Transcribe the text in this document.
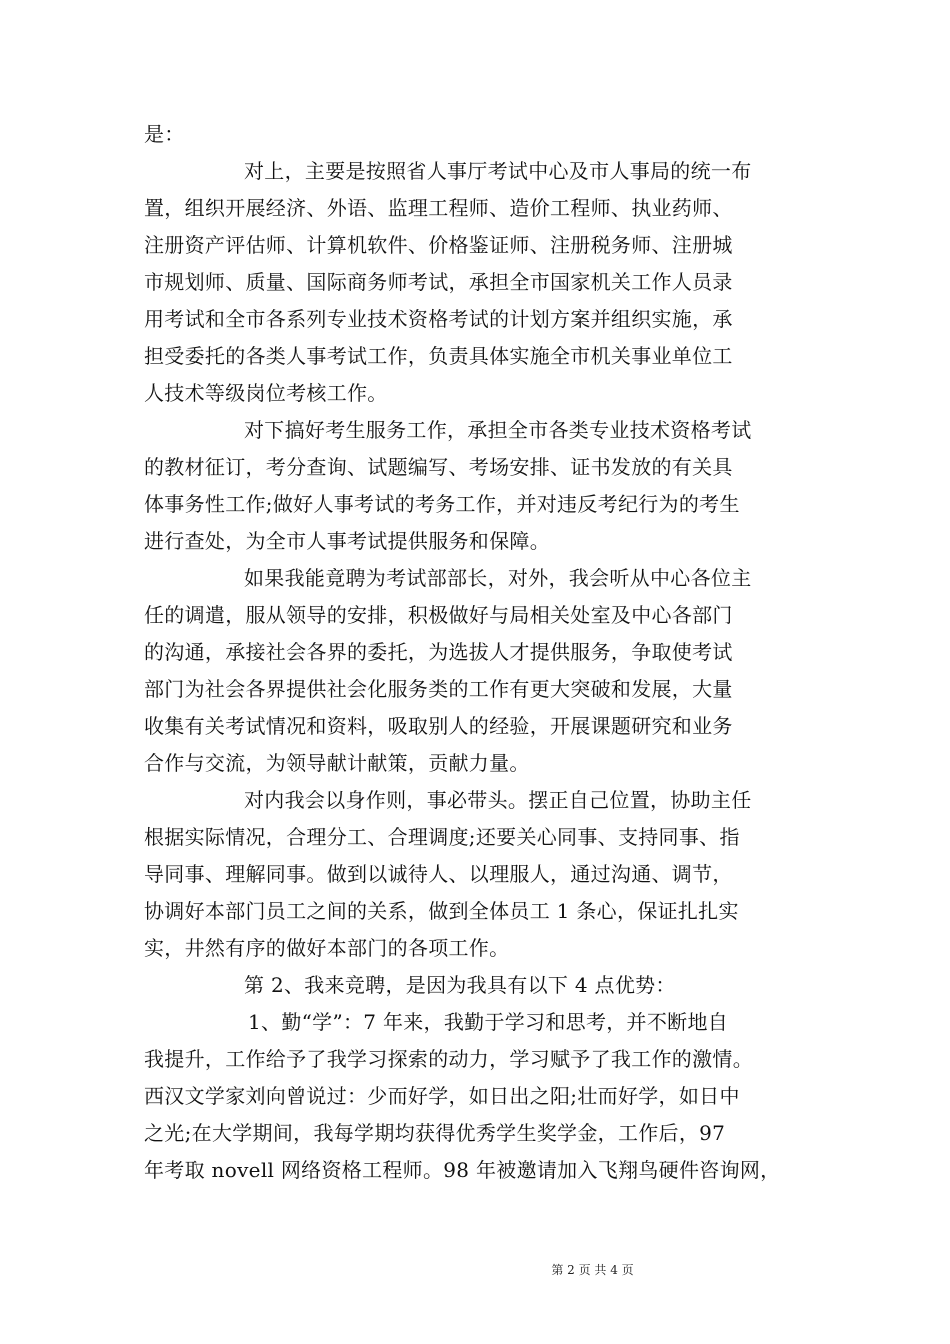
是：
对上，主要是按照省人事厅考试中心及市人事局的统一布
置，组织开展经济、外语、监理工程师、造价工程师、执业药师、
注册资产评估师、计算机软件、价格鉴证师、注册税务师、注册城
市规划师、质量、国际商务师考试，承担全市国家机关工作人员录
用考试和全市各系列专业技术资格考试的计划方案并组织实施，承
担受委托的各类人事考试工作，负责具体实施全市机关事业单位工
人技术等级岗位考核工作。
对下搞好考生服务工作，承担全市各类专业技术资格考试
的教材征订，考分查询、试题编写、考场安排、证书发放的有关具
体事务性工作;做好人事考试的考务工作，并对违反考纪行为的考生
进行查处，为全市人事考试提供服务和保障。
如果我能竟聘为考试部部长，对外，我会听从中心各位主
任的调遣，服从领导的安排，积极做好与局相关处室及中心各部门
的沟通，承接社会各界的委托，为选拔人才提供服务，争取使考试
部门为社会各界提供社会化服务类的工作有更大突破和发展，大量
收集有关考试情况和资料，吸取别人的经验，开展课题研究和业务
合作与交流，为领导献计献策，贡献力量。
对内我会以身作则，事必带头。摆正自己位置，协助主任
根据实际情况，合理分工、合理调度;还要关心同事、支持同事、指
导同事、理解同事。做到以诚待人、以理服人，通过沟通、调节，
协调好本部门员工之间的关系，做到全体员工 1 条心，保证扎扎实
实，井然有序的做好本部门的各项工作。
第 2、我来竞聘，是因为我具有以下 4 点优势：
1、勤“学”：7 年来，我勤于学习和思考，并不断地自
我提升，工作给予了我学习探索的动力，学习赋予了我工作的激情。
西汉文学家刘向曾说过：少而好学，如日出之阳;壮而好学，如日中
之光;在大学期间，我每学期均获得优秀学生奖学金，工作后，97
年考取 novell 网络资格工程师。98 年被邀请加入飞翔鸟硬件咨询网，
第 2 页 共 4 页
